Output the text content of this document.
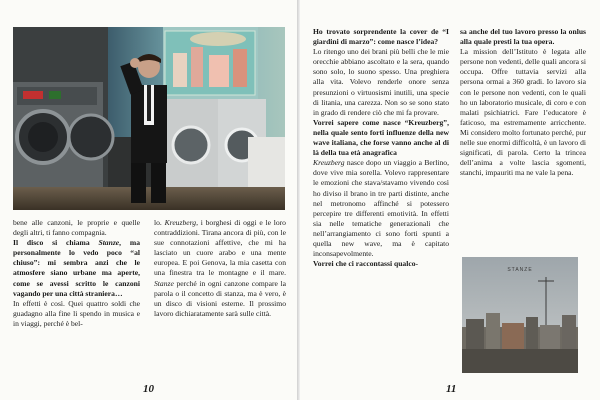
bene alle canzoni, le proprie e quelle degli altri, ti fanno compagnia.

Il disco si chiama Stanze, ma personalmente lo vedo poco “al chiuso”: mi sembra anzi che le atmosfere siano urbane ma aperte, come se avessi scritto le canzoni vagando per una città straniera…

In effetti è così. Quei quattro soldi che guadagno alla fine li spendo in musica e in viaggi, perché è bel-

lo. Kreuzberg, i borghesi di oggi e le loro contraddizioni. Tirana ancora di più, con le sue connotazioni affettive, che mi ha lasciato un cuore arabo e una mente europea. E poi Genova, la mia casetta con una finestra tra le montagne e il mare. Stanze perché in ogni canzone compare la parola o il concetto di stanza, ma è vero, è un disco di visioni esterne. Il prossimo lavoro dichiaratamente sarà sulle città.

10

Ho trovato sorprendente la cover de “I giardini di marzo”: come nasce l’idea?

Lo ritengo uno dei brani più belli che le mie orecchie abbiano ascoltato e la sera, quando sono solo, lo suono spesso. Una preghiera alla vita. Volevo renderle onore senza presunzioni o virtuosismi inutili, una specie di litania, una carezza. Non so se sono stato in grado di rendere ciò che mi fa provare.

Vorrei sapere come nasce “Kreuzberg”, nella quale sento forti influenze della new wave italiana, che forse vanno anche al di là della tua età anagrafica

Kreuzberg nasce dopo un viaggio a Berlino, dove vive mia sorella. Volevo rappresentare le emozioni che stava/stavamo vivendo così ho diviso il brano in tre parti distinte, anche nel metronomo affinché si potessero percepire tre differenti emotività. In effetti sia nelle tematiche generazionali che nell’arrangiamento ci sono forti spunti a quella new wave, ma è capitato inconsapevolmente.

Vorrei che ci raccontassi qualco-

sa anche del tuo lavoro presso la onlus alla quale presti la tua opera.

La mission dell’Istituto è legata alle persone non vedenti, delle quali ancora si occupa. Offre tuttavia servizi alla persona ormai a 360 gradi. Io lavoro sia con le persone non vedenti, con le quali ho un laboratorio musicale, di coro e con malati psichiatrici. Fare l’educatore è faticoso, ma estremamente arricchente. Mi considero molto fortunato perché, pur nelle sue enormi difficoltà, è un lavoro di significati, di parola. Certo la trincea dell’anima a volte lascia sgomenti, stanchi, impauriti ma ne vale la pena.

11
STANZE
